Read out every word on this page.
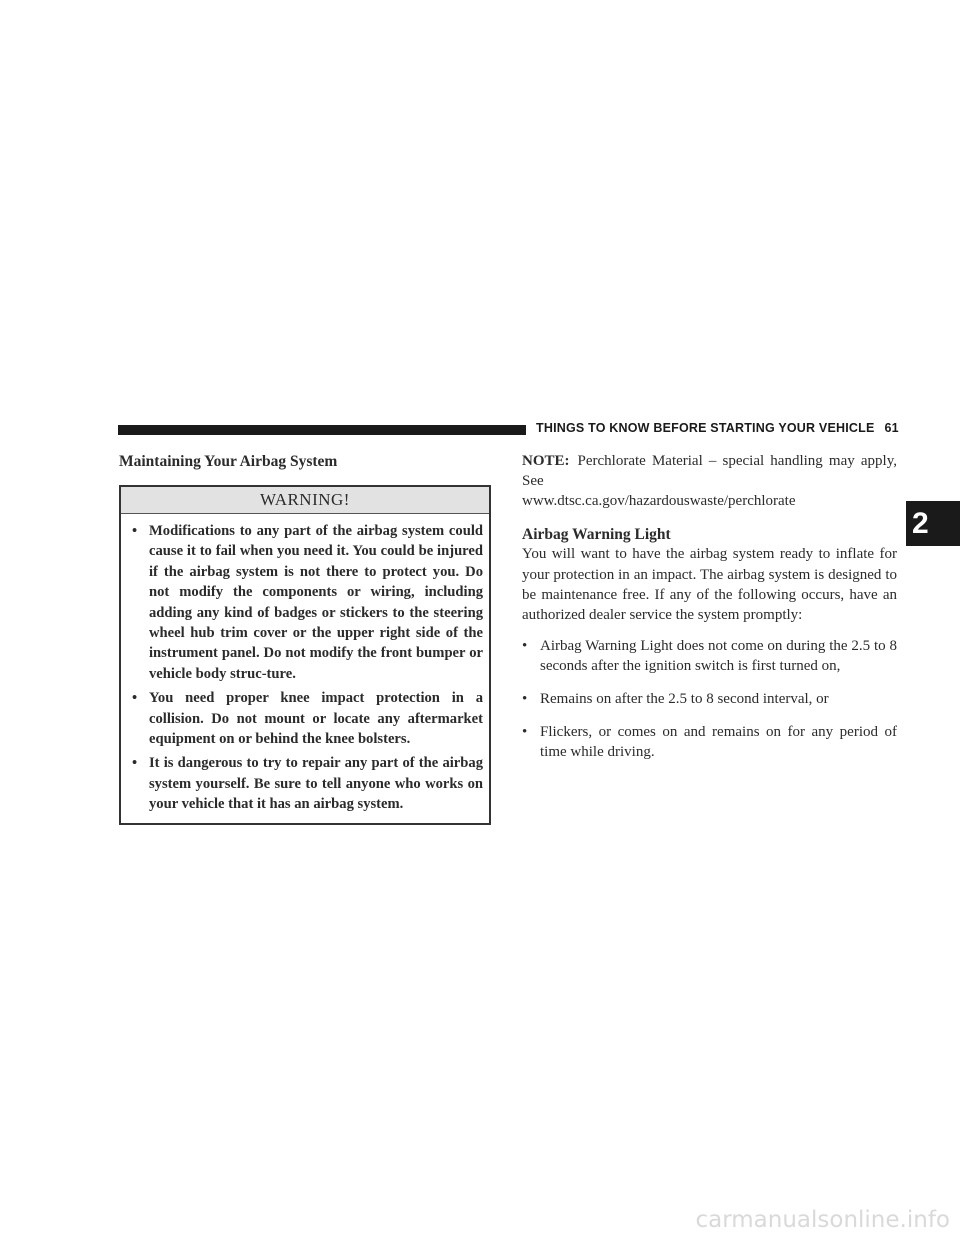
THINGS TO KNOW BEFORE STARTING YOUR VEHICLE 61
Maintaining Your Airbag System
WARNING!
• Modifications to any part of the airbag system could cause it to fail when you need it. You could be injured if the airbag system is not there to protect you. Do not modify the components or wiring, including adding any kind of badges or stickers to the steering wheel hub trim cover or the upper right side of the instrument panel. Do not modify the front bumper or vehicle body struc-ture.
• You need proper knee impact protection in a collision. Do not mount or locate any aftermarket equipment on or behind the knee bolsters.
• It is dangerous to try to repair any part of the airbag system yourself. Be sure to tell anyone who works on your vehicle that it has an airbag system.

NOTE: Perchlorate Material – special handling may apply, See
www.dtsc.ca.gov/hazardouswaste/perchlorate

Airbag Warning Light

You will want to have the airbag system ready to inflate for your protection in an impact. The airbag system is designed to be maintenance free. If any of the following occurs, have an authorized dealer service the system promptly:

• Airbag Warning Light does not come on during the 2.5 to 8 seconds after the ignition switch is first turned on,
• Remains on after the 2.5 to 8 second interval, or
• Flickers, or comes on and remains on for any period of time while driving.
2
carmanualsonline.info
